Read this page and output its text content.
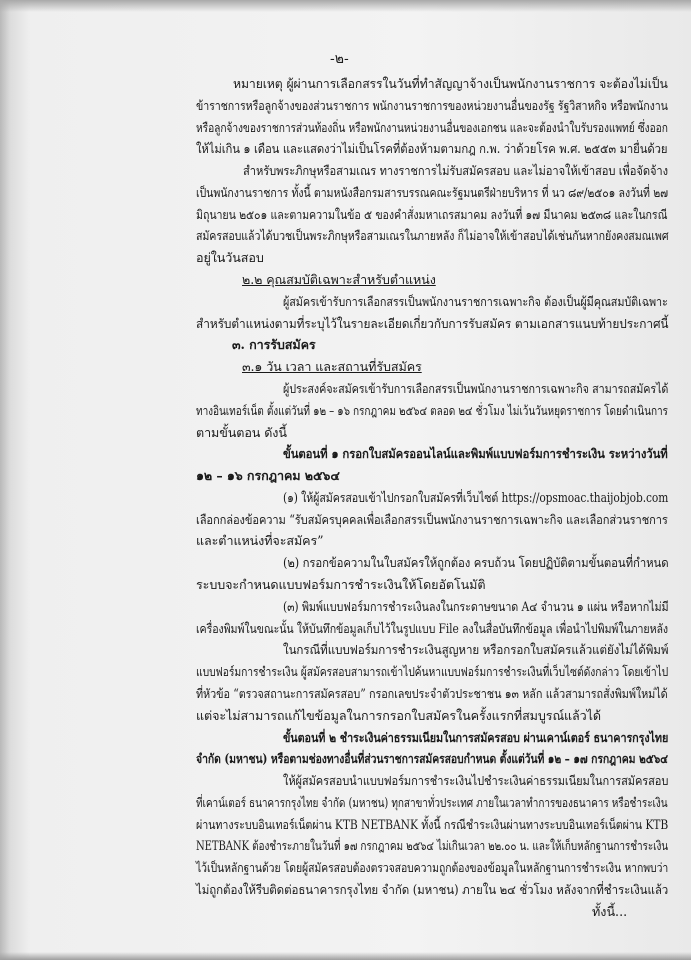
-๒-
หมายเหตุ ผู้ผ่านการเลือกสรรในวันที่ทำสัญญาจ้างเป็นพนักงานราชการ จะต้องไม่เป็น
ข้าราชการหรือลูกจ้างของส่วนราชการ พนักงานราชการของหน่วยงานอื่นของรัฐ รัฐวิสาหกิจ หรือพนักงาน
หรือลูกจ้างของราชการส่วนท้องถิ่น หรือพนักงานหน่วยงานอื่นของเอกชน และจะต้องนำใบรับรองแพทย์ ซึ่งออก
ให้ไม่เกิน ๑ เดือน และแสดงว่าไม่เป็นโรคที่ต้องห้ามตามกฎ ก.พ. ว่าด้วยโรค พ.ศ. ๒๕๕๓ มายื่นด้วย
สำหรับพระภิกษุหรือสามเณร ทางราชการไม่รับสมัครสอบ และไม่อาจให้เข้าสอบ เพื่อจัดจ้าง
เป็นพนักงานราชการ ทั้งนี้ ตามหนังสือกรมสารบรรณคณะรัฐมนตรีฝ่ายบริหาร ที่ นว ๘๙/๒๕๐๑ ลงวันที่ ๒๗
มิถุนายน ๒๕๐๑ และตามความในข้อ ๕ ของคำสั่งมหาเถรสมาคม ลงวันที่ ๑๗ มีนาคม ๒๕๓๘ และในกรณี
สมัครสอบแล้วได้บวชเป็นพระภิกษุหรือสามเณรในภายหลัง ก็ไม่อาจให้เข้าสอบได้เช่นกันหากยังคงสมณเพศ
อยู่ในวันสอบ
๒.๒ คุณสมบัติเฉพาะสำหรับตำแหน่ง
ผู้สมัครเข้ารับการเลือกสรรเป็นพนักงานราชการเฉพาะกิจ ต้องเป็นผู้มีคุณสมบัติเฉพาะ
สำหรับตำแหน่งตามที่ระบุไว้ในรายละเอียดเกี่ยวกับการรับสมัคร ตามเอกสารแนบท้ายประกาศนี้
๓. การรับสมัคร
๓.๑ วัน เวลา และสถานที่รับสมัคร
ผู้ประสงค์จะสมัครเข้ารับการเลือกสรรเป็นพนักงานราชการเฉพาะกิจ สามารถสมัครได้
ทางอินเทอร์เน็ต ตั้งแต่วันที่ ๑๒ – ๑๖ กรกฎาคม ๒๕๖๔ ตลอด ๒๔ ชั่วโมง ไม่เว้นวันหยุดราชการ โดยดำเนินการ
ตามขั้นตอน ดังนี้
ขั้นตอนที่ ๑ กรอกใบสมัครออนไลน์และพิมพ์แบบฟอร์มการชำระเงิน ระหว่างวันที่
๑๒ – ๑๖ กรกฎาคม ๒๕๖๔
(๑) ให้ผู้สมัครสอบเข้าไปกรอกใบสมัครที่เว็บไซต์ https://opsmoac.thaijobjob.com
เลือกกล่องข้อความ “รับสมัครบุคคลเพื่อเลือกสรรเป็นพนักงานราชการเฉพาะกิจ และเลือกส่วนราชการ
และตำแหน่งที่จะสมัคร”
(๒) กรอกข้อความในใบสมัครให้ถูกต้อง ครบถ้วน โดยปฏิบัติตามขั้นตอนที่กำหนด
ระบบจะกำหนดแบบฟอร์มการชำระเงินให้โดยอัตโนมัติ
(๓) พิมพ์แบบฟอร์มการชำระเงินลงในกระดาษขนาด A๔ จำนวน ๑ แผ่น หรือหากไม่มี
เครื่องพิมพ์ในขณะนั้น ให้บันทึกข้อมูลเก็บไว้ในรูปแบบ File ลงในสื่อบันทึกข้อมูล เพื่อนำไปพิมพ์ในภายหลัง
ในกรณีที่แบบฟอร์มการชำระเงินสูญหาย หรือกรอกใบสมัครแล้วแต่ยังไม่ได้พิมพ์
แบบฟอร์มการชำระเงิน ผู้สมัครสอบสามารถเข้าไปค้นหาแบบฟอร์มการชำระเงินที่เว็บไซต์ดังกล่าว โดยเข้าไป
ที่หัวข้อ “ตรวจสถานะการสมัครสอบ” กรอกเลขประจำตัวประชาชน ๑๓ หลัก แล้วสามารถสั่งพิมพ์ใหม่ได้
แต่จะไม่สามารถแก้ไขข้อมูลในการกรอกใบสมัครในครั้งแรกที่สมบูรณ์แล้วได้
ขั้นตอนที่ ๒ ชำระเงินค่าธรรมเนียมในการสมัครสอบ ผ่านเคาน์เตอร์ ธนาคารกรุงไทย
จำกัด (มหาชน) หรือตามช่องทางอื่นที่ส่วนราชการสมัครสอบกำหนด ตั้งแต่วันที่ ๑๒ – ๑๗ กรกฎาคม ๒๕๖๔
ให้ผู้สมัครสอบนำแบบฟอร์มการชำระเงินไปชำระเงินค่าธรรมเนียมในการสมัครสอบ
ที่เคาน์เตอร์ ธนาคารกรุงไทย จำกัด (มหาชน) ทุกสาขาทั่วประเทศ ภายในเวลาทำการของธนาคาร หรือชำระเงิน
ผ่านทางระบบอินเทอร์เน็ตผ่าน KTB NETBANK ทั้งนี้ กรณีชำระเงินผ่านทางระบบอินเทอร์เน็ตผ่าน KTB
NETBANK ต้องชำระภายในวันที่ ๑๗ กรกฎาคม ๒๕๖๔ ไม่เกินเวลา ๒๒.๐๐ น. และให้เก็บหลักฐานการชำระเงิน
ไว้เป็นหลักฐานด้วย โดยผู้สมัครสอบต้องตรวจสอบความถูกต้องของข้อมูลในหลักฐานการชำระเงิน หากพบว่า
ไม่ถูกต้องให้รีบติดต่อธนาคารกรุงไทย จำกัด (มหาชน) ภายใน ๒๔ ชั่วโมง หลังจากที่ชำระเงินแล้ว
ทั้งนี้...
